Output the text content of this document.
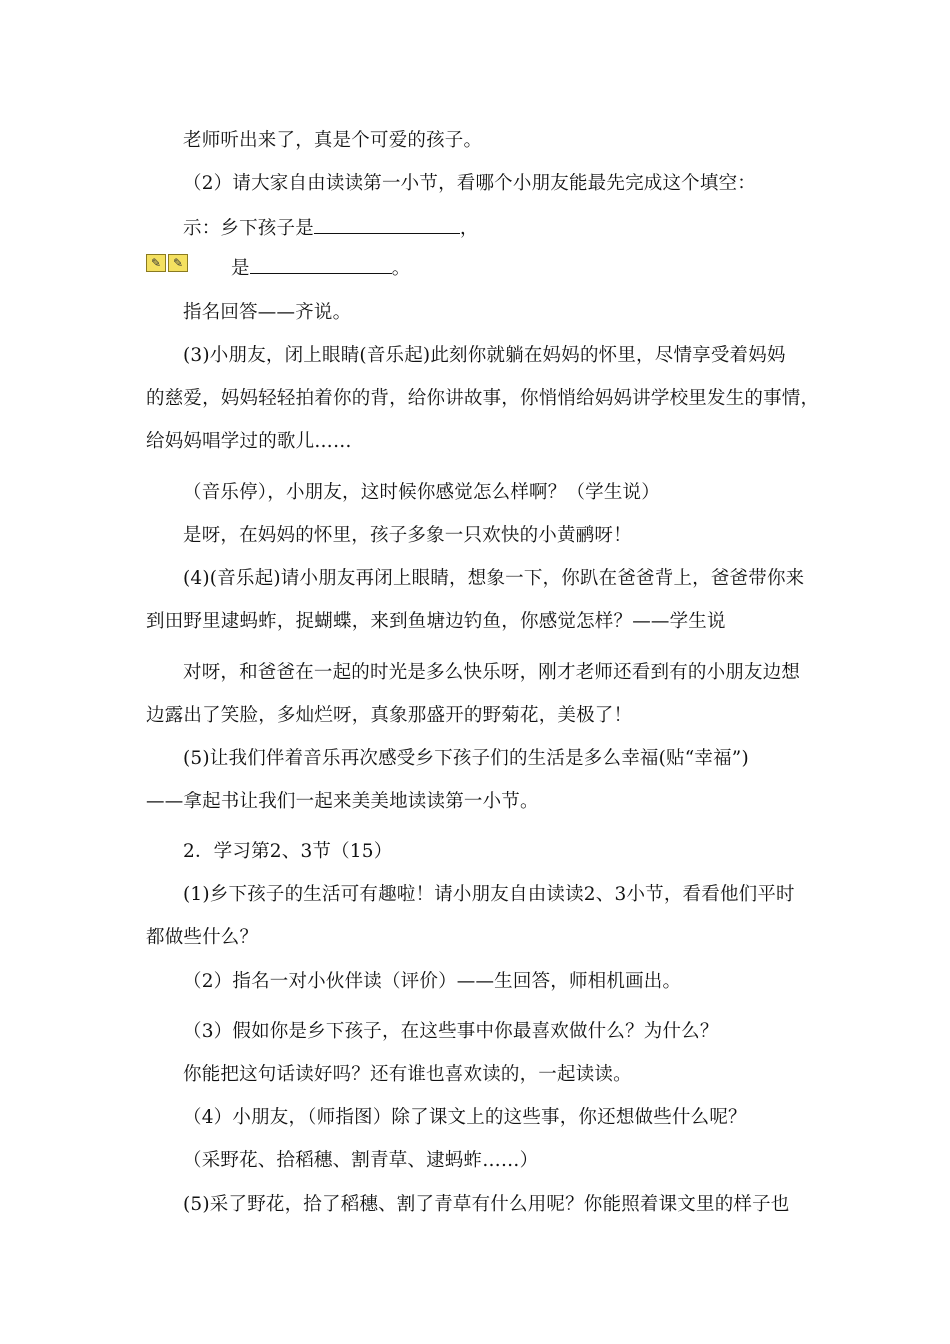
老师听出来了，真是个可爱的孩子。
（2）请大家自由读读第一小节，看哪个小朋友能最先完成这个填空：
示：乡下孩子是	，
✎ ✎	是	。
指名回答——齐说。
(3)小朋友，闭上眼睛(音乐起)此刻你就躺在妈妈的怀里，尽情享受着妈妈
的慈爱，妈妈轻轻拍着你的背，给你讲故事，你悄悄给妈妈讲学校里发生的事情，
给妈妈唱学过的歌儿……
（音乐停），小朋友，这时候你感觉怎么样啊？（学生说）
是呀，在妈妈的怀里，孩子多象一只欢快的小黄鹂呀！
(4)(音乐起)请小朋友再闭上眼睛，想象一下，你趴在爸爸背上，爸爸带你来
到田野里逮蚂蚱，捉蝴蝶，来到鱼塘边钓鱼，你感觉怎样？——学生说
对呀，和爸爸在一起的时光是多么快乐呀，刚才老师还看到有的小朋友边想
边露出了笑脸，多灿烂呀，真象那盛开的野菊花，美极了！
(5)让我们伴着音乐再次感受乡下孩子们的生活是多么幸福(贴“幸福”)
——拿起书让我们一起来美美地读读第一小节。
2．学习第2、3节（15）
(1)乡下孩子的生活可有趣啦！请小朋友自由读读2、3小节，看看他们平时
都做些什么？
（2）指名一对小伙伴读（评价）——生回答，师相机画出。
（3）假如你是乡下孩子，在这些事中你最喜欢做什么？为什么？
你能把这句话读好吗？还有谁也喜欢读的，一起读读。
（4）小朋友，（师指图）除了课文上的这些事，你还想做些什么呢？
（采野花、拾稻穗、割青草、逮蚂蚱……）
(5)采了野花，拾了稻穗、割了青草有什么用呢？你能照着课文里的样子也
